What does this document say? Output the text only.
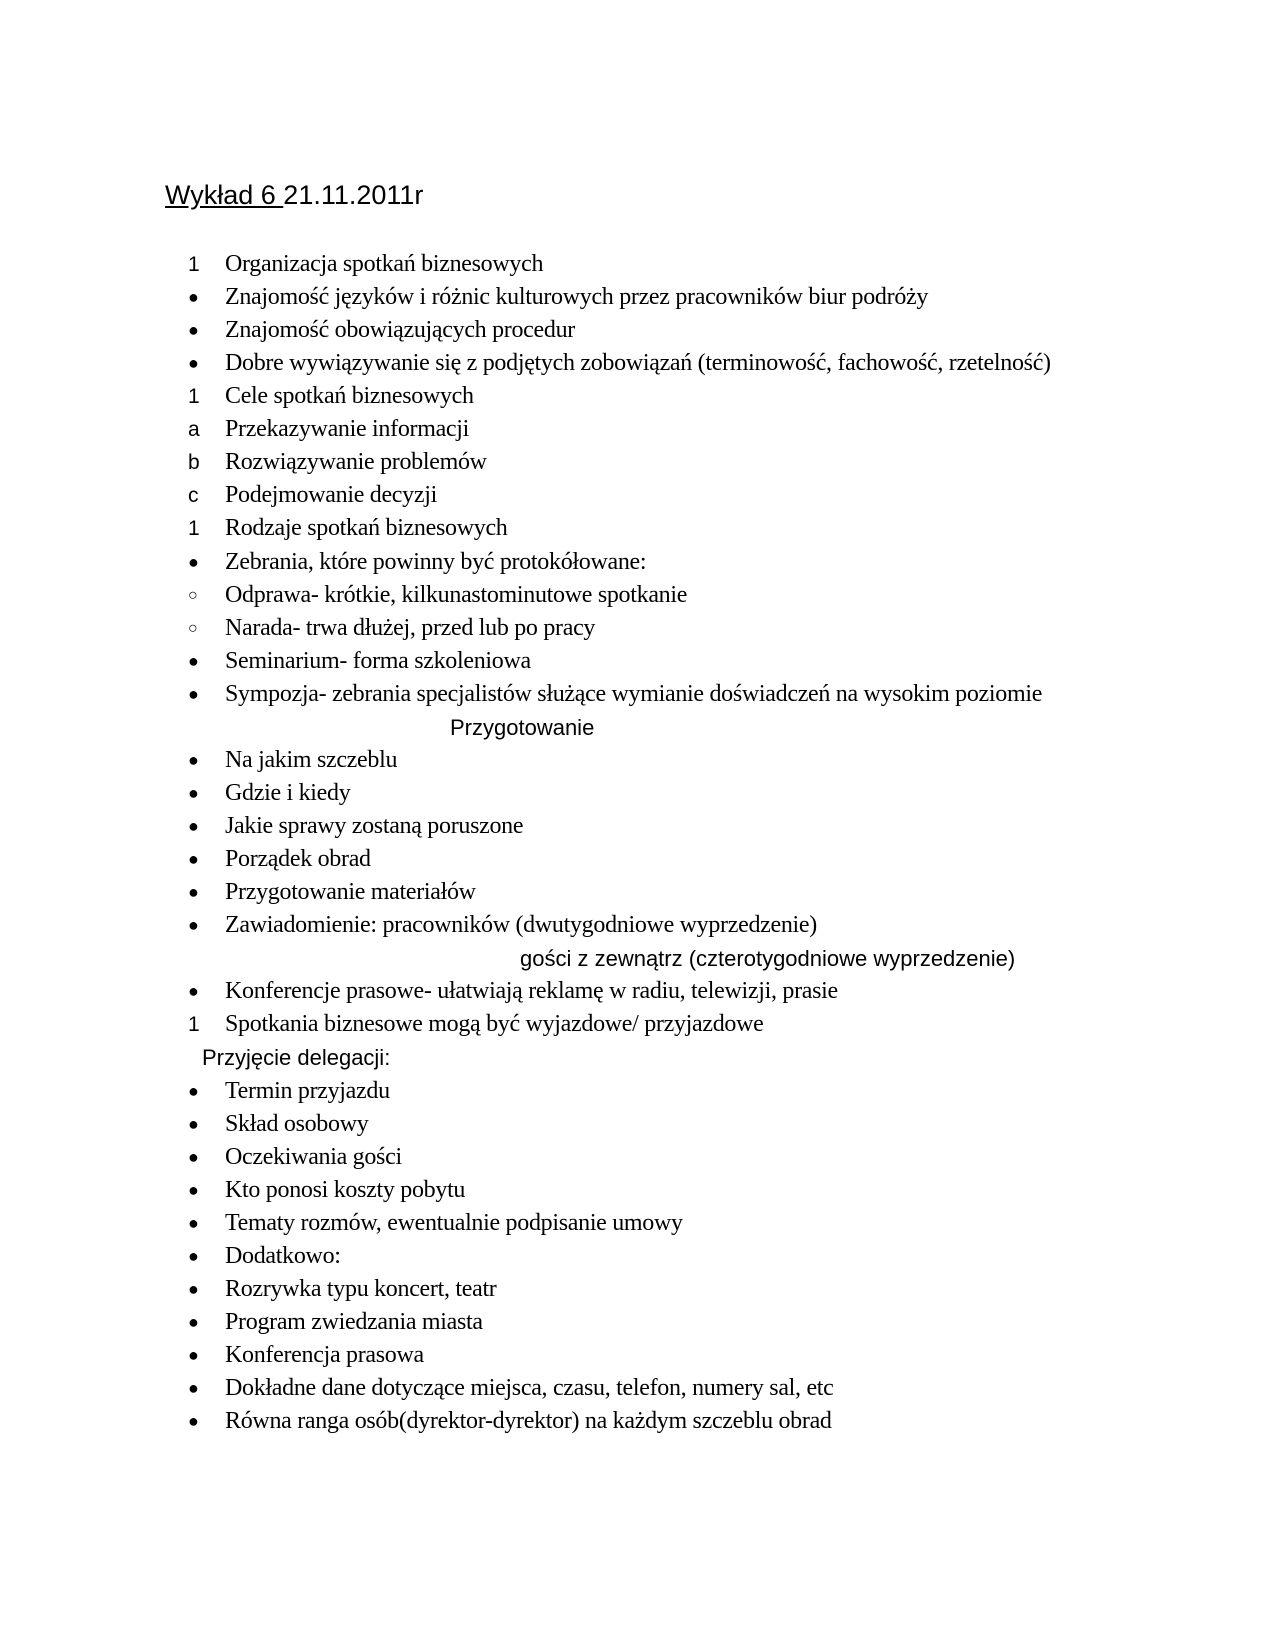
Wykład 6 21.11.2011r
1	Organizacja spotkań biznesowych
●	Znajomość języków i różnic kulturowych przez pracowników biur podróży
●	Znajomość obowiązujących procedur
●	Dobre wywiązywanie się z podjętych zobowiązań (terminowość, fachowość, rzetelność)
1	Cele spotkań biznesowych
a	Przekazywanie informacji
b	Rozwiązywanie problemów
c	Podejmowanie decyzji
1	Rodzaje spotkań biznesowych
●	Zebrania, które powinny być protokółowane:
○	Odprawa- krótkie, kilkunastominutowe spotkanie
○	Narada- trwa dłużej, przed lub po pracy
●	Seminarium- forma szkoleniowa
●	Sympozja- zebrania specjalistów służące wymianie doświadczeń na wysokim poziomie
Przygotowanie
●	Na jakim szczeblu
●	Gdzie i kiedy
●	Jakie sprawy zostaną poruszone
●	Porządek obrad
●	Przygotowanie materiałów
●	Zawiadomienie: pracowników (dwutygodniowe wyprzedzenie)
gości z zewnątrz (czterotygodniowe wyprzedzenie)
●	Konferencje prasowe- ułatwiają reklamę w radiu, telewizji, prasie
1	Spotkania biznesowe mogą być wyjazdowe/ przyjazdowe
Przyjęcie delegacji:
●	Termin przyjazdu
●	Skład osobowy
●	Oczekiwania gości
●	Kto ponosi koszty pobytu
●	Tematy rozmów, ewentualnie podpisanie umowy
●	Dodatkowo:
●	Rozrywka typu koncert, teatr
●	Program zwiedzania miasta
●	Konferencja prasowa
●	Dokładne dane dotyczące miejsca, czasu, telefon, numery sal, etc
●	Równa ranga osób(dyrektor-dyrektor) na każdym szczeblu obrad
